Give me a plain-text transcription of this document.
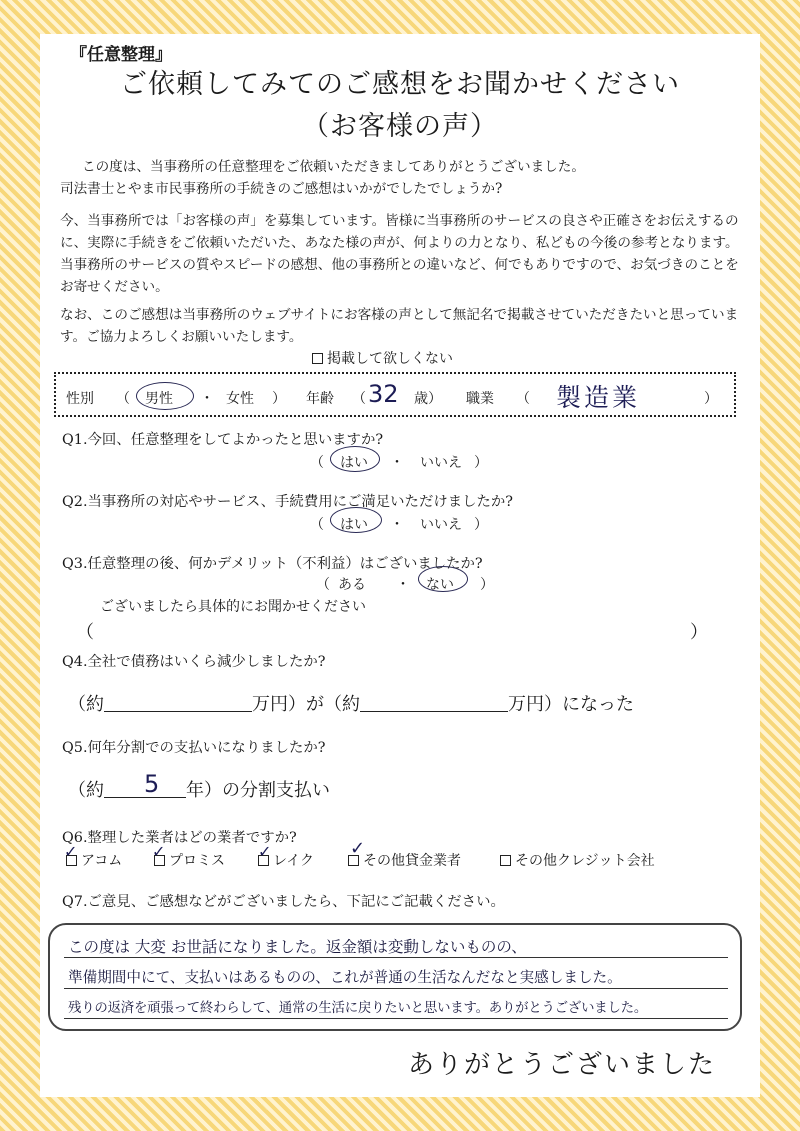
『任意整理』
ご依頼してみてのご感想をお聞かせください
（お客様の声）
この度は、当事務所の任意整理をご依頼いただきましてありがとうございました。
司法書士とやま市民事務所の手続きのご感想はいかがでしたでしょうか?
今、当事務所では「お客様の声」を募集しています。皆様に当事務所のサービスの良さや正確さをお伝えするのに、実際に手続きをご依頼いただいた、あなた様の声が、何よりの力となり、私どもの今後の参考となります。当事務所のサービスの質やスピードの感想、他の事務所との違いなど、何でもありですので、お気づきのことをお寄せください。
なお、このご感想は当事務所のウェブサイトにお客様の声として無記名で掲載させていただきたいと思っています。ご協力よろしくお願いいたします。
掲載して欲しくない
性別 （ 男性 ・ 女性 ） 年齢 （ 32 歳） 職業 （ 製造業	）
Q1.今回、任意整理をしてよかったと思いますか?
（ はい ・ いいえ ）
Q2.当事務所の対応やサービス、手続費用にご満足いただけましたか?
（ はい ・ いいえ ）
Q3.任意整理の後、何かデメリット（不利益）はございましたか?
（ ある ・ ない ）
ございましたら具体的にお聞かせください
（	）
Q4.全社で債務はいくら減少しましたか?
（約	万円）が（約	万円）になった
Q5.何年分割での支払いになりましたか?
（約 5 年）の分割支払い
Q6.整理した業者はどの業者ですか?
✓ アコム ✓ プロミス ✓ レイク
✓
その他貸金業者	その他クレジット会社
Q7.ご意見、ご感想などがございましたら、下記にご記載ください。
この度は 大変 お世話になりました。返金額は変動しないものの、
準備期間中にて、支払いはあるものの、これが普通の生活なんだなと実感しました。
残りの返済を頑張って終わらして、通常の生活に戻りたいと思います。ありがとうございました。
ありがとうございました
